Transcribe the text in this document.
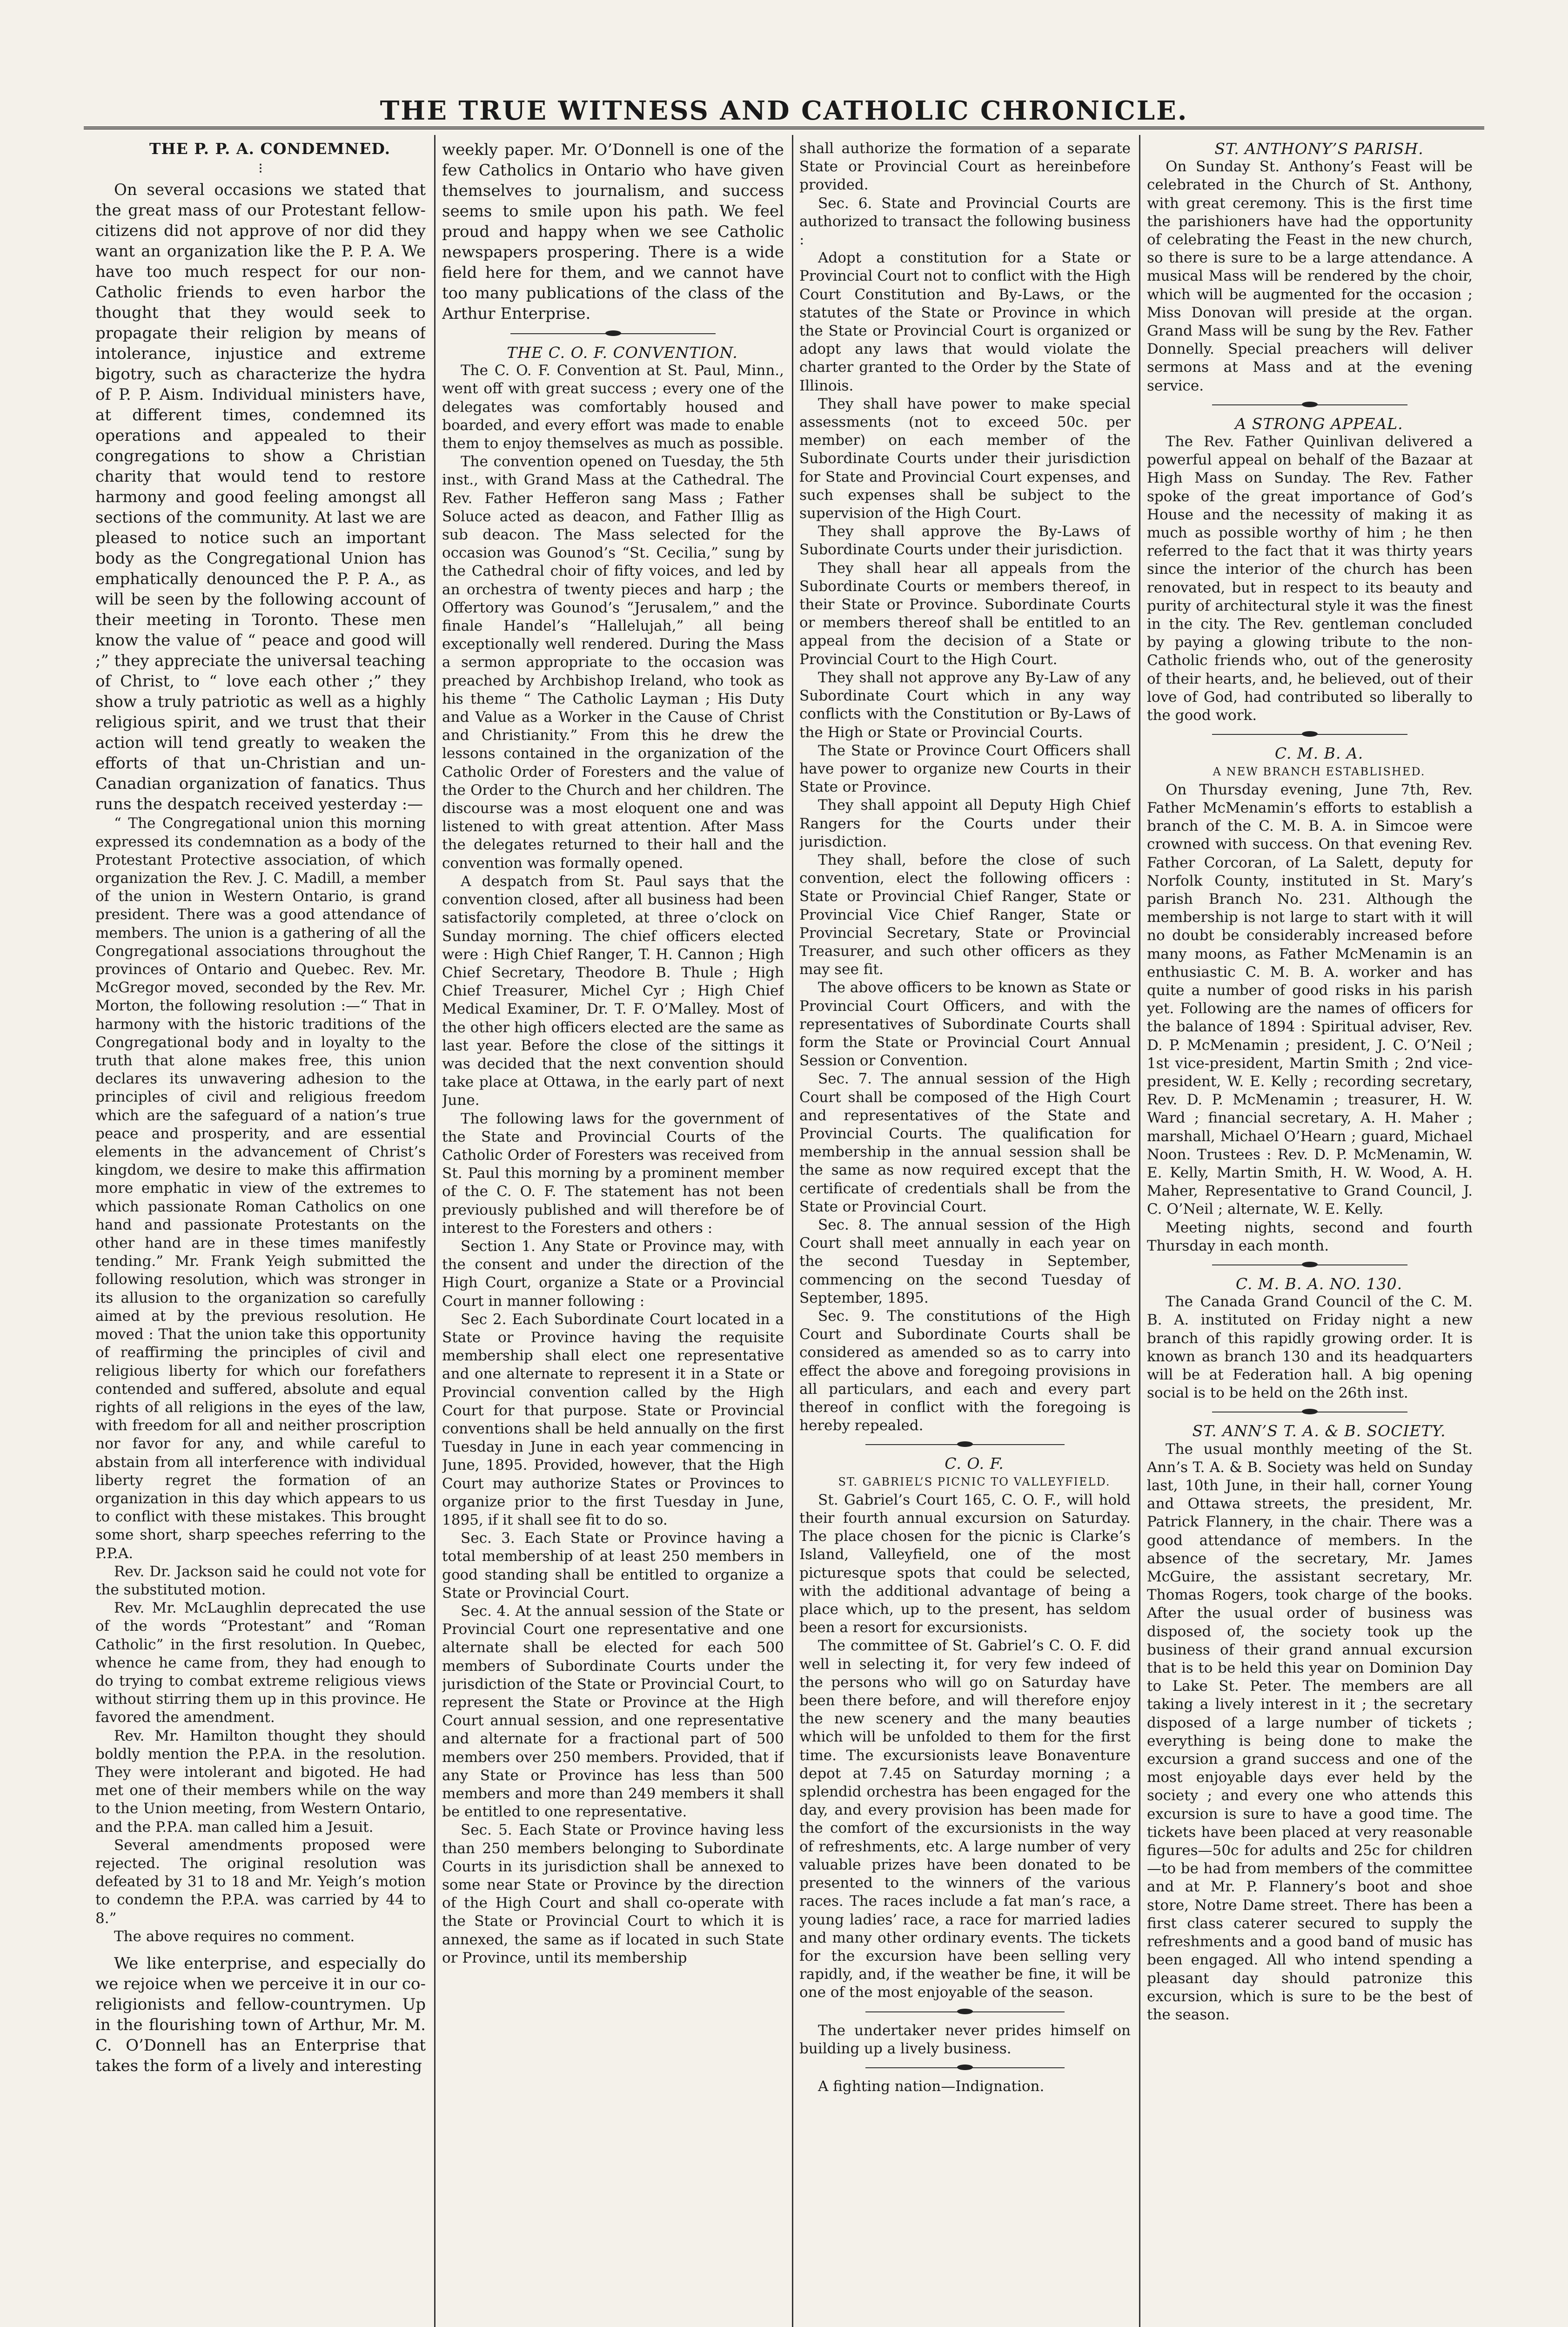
THE TRUE WITNESS AND CATHOLIC CHRONICLE.

THE P. P. A. CONDEMNED.

⁝

On several occasions we stated that the great mass of our Protestant fellow-citizens did not approve of nor did they want an organization like the P. P. A. We have too much respect for our non-Catholic friends to even harbor the thought that they would seek to propagate their religion by means of intolerance, injustice and extreme bigotry, such as characterize the hydra of P. P. Aism. Individual ministers have, at different times, condemned its operations and appealed to their congregations to show a Christian charity that would tend to restore harmony and good feeling amongst all sections of the community. At last we are pleased to notice such an important body as the Congregational Union has emphatically denounced the P. P. A., as will be seen by the following account of their meeting in Toronto. These men know the value of “ peace and good will ;” they appreciate the universal teaching of Christ, to “ love each other ;” they show a truly patriotic as well as a highly religious spirit, and we trust that their action will tend greatly to weaken the efforts of that un-Christian and un-Canadian organization of fanatics. Thus runs the despatch received yesterday :—

“ The Congregational union this morning expressed its condemnation as a body of the Protestant Protective association, of which organization the Rev. J. C. Madill, a member of the union in Western Ontario, is grand president. There was a good attendance of members. The union is a gathering of all the Congregational associations throughout the provinces of Ontario and Quebec. Rev. Mr. McGregor moved, seconded by the Rev. Mr. Morton, the following resolution :—“ That in harmony with the historic traditions of the Congregational body and in loyalty to the truth that alone makes free, this union declares its unwavering adhesion to the principles of civil and religious freedom which are the safeguard of a nation’s true peace and prosperity, and are essential elements in the advancement of Christ’s kingdom, we desire to make this affirmation more emphatic in view of the extremes to which passionate Roman Catholics on one hand and passionate Protestants on the other hand are in these times manifestly tending.” Mr. Frank Yeigh submitted the following resolution, which was stronger in its allusion to the organization so carefully aimed at by the previous resolution. He moved : That the union take this opportunity of reaffirming the principles of civil and religious liberty for which our forefathers contended and suffered, absolute and equal rights of all religions in the eyes of the law, with freedom for all and neither proscription nor favor for any, and while careful to abstain from all interference with individual liberty regret the formation of an organization in this day which appears to us to conflict with these mistakes. This brought some short, sharp speeches referring to the P.P.A.

Rev. Dr. Jackson said he could not vote for the substituted motion.

Rev. Mr. McLaughlin deprecated the use of the words “Protestant” and “Roman Catholic” in the first resolution. In Quebec, whence he came from, they had enough to do trying to combat extreme religious views without stirring them up in this province. He favored the amendment.

Rev. Mr. Hamilton thought they should boldly mention the P.P.A. in the resolution. They were intolerant and bigoted. He had met one of their members while on the way to the Union meeting, from Western Ontario, and the P.P.A. man called him a Jesuit.

Several amendments proposed were rejected. The original resolution was defeated by 31 to 18 and Mr. Yeigh’s motion to condemn the P.P.A. was carried by 44 to 8.”

The above requires no comment.

We like enterprise, and especially do we rejoice when we perceive it in our co-religionists and fellow-countrymen. Up in the flourishing town of Arthur, Mr. M. C. O’Donnell has an Enterprise that takes the form of a lively and interesting

weekly paper. Mr. O’Donnell is one of the few Catholics in Ontario who have given themselves to journalism, and success seems to smile upon his path. We feel proud and happy when we see Catholic newspapers prospering. There is a wide field here for them, and we cannot have too many publications of the class of the Arthur Enterprise.

THE C. O. F. CONVENTION.

The C. O. F. Convention at St. Paul, Minn., went off with great success ; every one of the delegates was comfortably housed and boarded, and every effort was made to enable them to enjoy themselves as much as possible.

The convention opened on Tuesday, the 5th inst., with Grand Mass at the Cathedral. The Rev. Father Hefferon sang Mass ; Father Soluce acted as deacon, and Father Illig as sub deacon. The Mass selected for the occasion was Gounod’s “St. Cecilia,” sung by the Cathedral choir of fifty voices, and led by an orchestra of twenty pieces and harp ; the Offertory was Gounod’s “Jerusalem,” and the finale Handel’s “Hallelujah,” all being exceptionally well rendered. During the Mass a sermon appropriate to the occasion was preached by Archbishop Ireland, who took as his theme “ The Catholic Layman ; His Duty and Value as a Worker in the Cause of Christ and Christianity.” From this he drew the lessons contained in the organization of the Catholic Order of Foresters and the value of the Order to the Church and her children. The discourse was a most eloquent one and was listened to with great attention. After Mass the delegates returned to their hall and the convention was formally opened.

A despatch from St. Paul says that the convention closed, after all business had been satisfactorily completed, at three o’clock on Sunday morning. The chief officers elected were : High Chief Ranger, T. H. Cannon ; High Chief Secretary, Theodore B. Thule ; High Chief Treasurer, Michel Cyr ; High Chief Medical Examiner, Dr. T. F. O’Malley. Most of the other high officers elected are the same as last year. Before the close of the sittings it was decided that the next convention should take place at Ottawa, in the early part of next June.

The following laws for the government of the State and Provincial Courts of the Catholic Order of Foresters was received from St. Paul this morning by a prominent member of the C. O. F. The statement has not been previously published and will therefore be of interest to the Foresters and others :

Section 1. Any State or Province may, with the consent and under the direction of the High Court, organize a State or a Provincial Court in manner following :

Sec 2. Each Subordinate Court located in a State or Province having the requisite membership shall elect one representative and one alternate to represent it in a State or Provincial convention called by the High Court for that purpose. State or Provincial conventions shall be held annually on the first Tuesday in June in each year commencing in June, 1895. Provided, however, that the High Court may authorize States or Provinces to organize prior to the first Tuesday in June, 1895, if it shall see fit to do so.

Sec. 3. Each State or Province having a total membership of at least 250 members in good standing shall be entitled to organize a State or Provincial Court.

Sec. 4. At the annual session of the State or Provincial Court one representative and one alternate shall be elected for each 500 members of Subordinate Courts under the jurisdiction of the State or Provincial Court, to represent the State or Province at the High Court annual session, and one representative and alternate for a fractional part of 500 members over 250 members. Provided, that if any State or Province has less than 500 members and more than 249 members it shall be entitled to one representative.

Sec. 5. Each State or Province having less than 250 members belonging to Subordinate Courts in its jurisdiction shall be annexed to some near State or Province by the direction of the High Court and shall co-operate with the State or Provincial Court to which it is annexed, the same as if located in such State or Province, until its membership

shall authorize the formation of a separate State or Provincial Court as hereinbefore provided.

Sec. 6. State and Provincial Courts are authorized to transact the following business :

Adopt a constitution for a State or Provincial Court not to conflict with the High Court Constitution and By-Laws, or the statutes of the State or Province in which the State or Provincial Court is organized or adopt any laws that would violate the charter granted to the Order by the State of Illinois.

They shall have power to make special assessments (not to exceed 50c. per member) on each member of the Subordinate Courts under their jurisdiction for State and Provincial Court expenses, and such expenses shall be subject to the supervision of the High Court.

They shall approve the By-Laws of Subordinate Courts under their jurisdiction.

They shall hear all appeals from the Subordinate Courts or members thereof, in their State or Province. Subordinate Courts or members thereof shall be entitled to an appeal from the decision of a State or Provincial Court to the High Court.

They shall not approve any By-Law of any Subordinate Court which in any way conflicts with the Constitution or By-Laws of the High or State or Provincial Courts.

The State or Province Court Officers shall have power to organize new Courts in their State or Province.

They shall appoint all Deputy High Chief Rangers for the Courts under their jurisdiction.

They shall, before the close of such convention, elect the following officers : State or Provincial Chief Ranger, State or Provincial Vice Chief Ranger, State or Provincial Secretary, State or Provincial Treasurer, and such other officers as they may see fit.

The above officers to be known as State or Provincial Court Officers, and with the representatives of Subordinate Courts shall form the State or Provincial Court Annual Session or Convention.

Sec. 7. The annual session of the High Court shall be composed of the High Court and representatives of the State and Provincial Courts. The qualification for membership in the annual session shall be the same as now required except that the certificate of credentials shall be from the State or Provincial Court.

Sec. 8. The annual session of the High Court shall meet annually in each year on the second Tuesday in September, commencing on the second Tuesday of September, 1895.

Sec. 9. The constitutions of the High Court and Subordinate Courts shall be considered as amended so as to carry into effect the above and foregoing provisions in all particulars, and each and every part thereof in conflict with the foregoing is hereby repealed.

C. O. F.

ST. GABRIEL’S PICNIC TO VALLEYFIELD.

St. Gabriel’s Court 165, C. O. F., will hold their fourth annual excursion on Saturday. The place chosen for the picnic is Clarke’s Island, Valleyfield, one of the most picturesque spots that could be selected, with the additional advantage of being a place which, up to the present, has seldom been a resort for excursionists.

The committee of St. Gabriel’s C. O. F. did well in selecting it, for very few indeed of the persons who will go on Saturday have been there before, and will therefore enjoy the new scenery and the many beauties which will be unfolded to them for the first time. The excursionists leave Bonaventure depot at 7.45 on Saturday morning ; a splendid orchestra has been engaged for the day, and every provision has been made for the comfort of the excursionists in the way of refreshments, etc. A large number of very valuable prizes have been donated to be presented to the winners of the various races. The races include a fat man’s race, a young ladies’ race, a race for married ladies and many other ordinary events. The tickets for the excursion have been selling very rapidly, and, if the weather be fine, it will be one of the most enjoyable of the season.

The undertaker never prides himself on building up a lively business.

A fighting nation—Indignation.

ST. ANTHONY’S PARISH.

On Sunday St. Anthony’s Feast will be celebrated in the Church of St. Anthony, with great ceremony. This is the first time the parishioners have had the opportunity of celebrating the Feast in the new church, so there is sure to be a large attendance. A musical Mass will be rendered by the choir, which will be augmented for the occasion ; Miss Donovan will preside at the organ. Grand Mass will be sung by the Rev. Father Donnelly. Special preachers will deliver sermons at Mass and at the evening service.

A STRONG APPEAL.

The Rev. Father Quinlivan delivered a powerful appeal on behalf of the Bazaar at High Mass on Sunday. The Rev. Father spoke of the great importance of God’s House and the necessity of making it as much as possible worthy of him ; he then referred to the fact that it was thirty years since the interior of the church has been renovated, but in respect to its beauty and purity of architectural style it was the finest in the city. The Rev. gentleman concluded by paying a glowing tribute to the non-Catholic friends who, out of the generosity of their hearts, and, he believed, out of their love of God, had contributed so liberally to the good work.

C. M. B. A.

A NEW BRANCH ESTABLISHED.

On Thursday evening, June 7th, Rev. Father McMenamin’s efforts to establish a branch of the C. M. B. A. in Simcoe were crowned with success. On that evening Rev. Father Corcoran, of La Salett, deputy for Norfolk County, instituted in St. Mary’s parish Branch No. 231. Although the membership is not large to start with it will no doubt be considerably increased before many moons, as Father McMenamin is an enthusiastic C. M. B. A. worker and has quite a number of good risks in his parish yet. Following are the names of officers for the balance of 1894 : Spiritual adviser, Rev. D. P. McMenamin ; president, J. C. O’Neil ; 1st vice-president, Martin Smith ; 2nd vice-president, W. E. Kelly ; recording secretary, Rev. D. P. McMenamin ; treasurer, H. W. Ward ; financial secretary, A. H. Maher ; marshall, Michael O’Hearn ; guard, Michael Noon. Trustees : Rev. D. P. McMenamin, W. E. Kelly, Martin Smith, H. W. Wood, A. H. Maher, Representative to Grand Council, J. C. O’Neil ; alternate, W. E. Kelly.

Meeting nights, second and fourth Thursday in each month.

C. M. B. A. NO. 130.

The Canada Grand Council of the C. M. B. A. instituted on Friday night a new branch of this rapidly growing order. It is known as branch 130 and its headquarters will be at Federation hall. A big opening social is to be held on the 26th inst.

ST. ANN’S T. A. & B. SOCIETY.

The usual monthly meeting of the St. Ann’s T. A. & B. Society was held on Sunday last, 10th June, in their hall, corner Young and Ottawa streets, the president, Mr. Patrick Flannery, in the chair. There was a good attendance of members. In the absence of the secretary, Mr. James McGuire, the assistant secretary, Mr. Thomas Rogers, took charge of the books. After the usual order of business was disposed of, the society took up the business of their grand annual excursion that is to be held this year on Dominion Day to Lake St. Peter. The members are all taking a lively interest in it ; the secretary disposed of a large number of tickets ; everything is being done to make the excursion a grand success and one of the most enjoyable days ever held by the society ; and every one who attends this excursion is sure to have a good time. The tickets have been placed at very reasonable figures—50c for adults and 25c for children—to be had from members of the committee and at Mr. P. Flannery’s boot and shoe store, Notre Dame street. There has been a first class caterer secured to supply the refreshments and a good band of music has been engaged. All who intend spending a pleasant day should patronize this excursion, which is sure to be the best of the season.
